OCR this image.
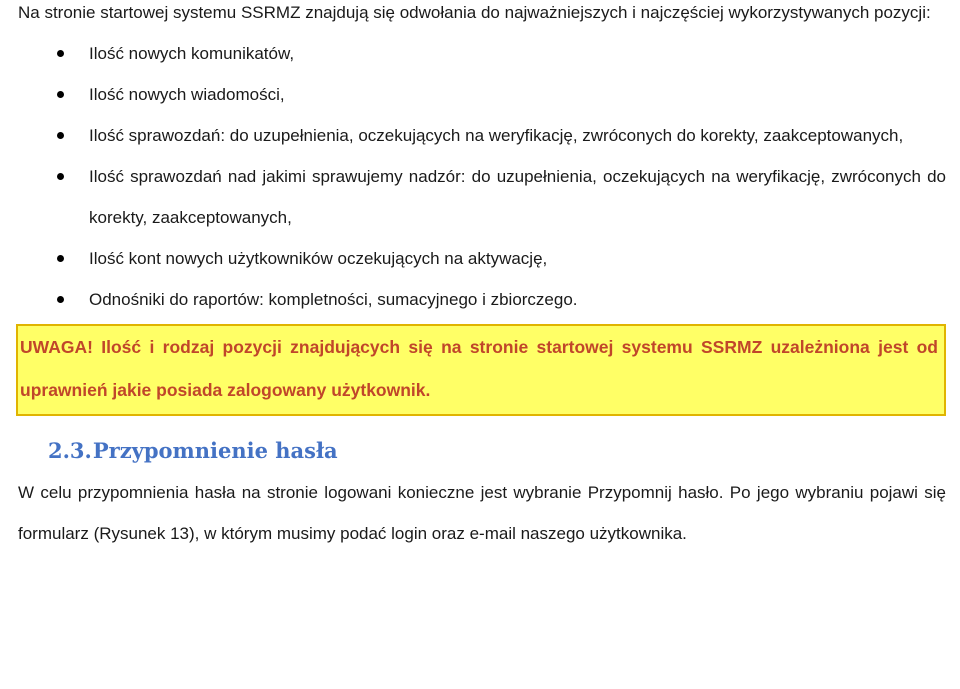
Na stronie startowej systemu SSRMZ znajdują się odwołania do najważniejszych i najczęściej wykorzystywanych pozycji:

Ilość nowych komunikatów,
Ilość nowych wiadomości,
Ilość sprawozdań: do uzupełnienia, oczekujących na weryfikację, zwróconych do korekty, zaakceptowanych,
Ilość sprawozdań nad jakimi sprawujemy nadzór: do uzupełnienia, oczekujących na weryfikację, zwróconych do korekty, zaakceptowanych,
Ilość kont nowych użytkowników oczekujących na aktywację,
Odnośniki do raportów: kompletności, sumacyjnego i zbiorczego.
UWAGA! Ilość i rodzaj pozycji znajdujących się na stronie startowej systemu SSRMZ uzależniona jest od uprawnień jakie posiada zalogowany użytkownik.
2.3.Przypomnienie hasła

W celu przypomnienia hasła na stronie logowani konieczne jest wybranie Przypomnij hasło. Po jego wybraniu pojawi się formularz (Rysunek 13), w którym musimy podać login oraz e-mail naszego użytkownika.
